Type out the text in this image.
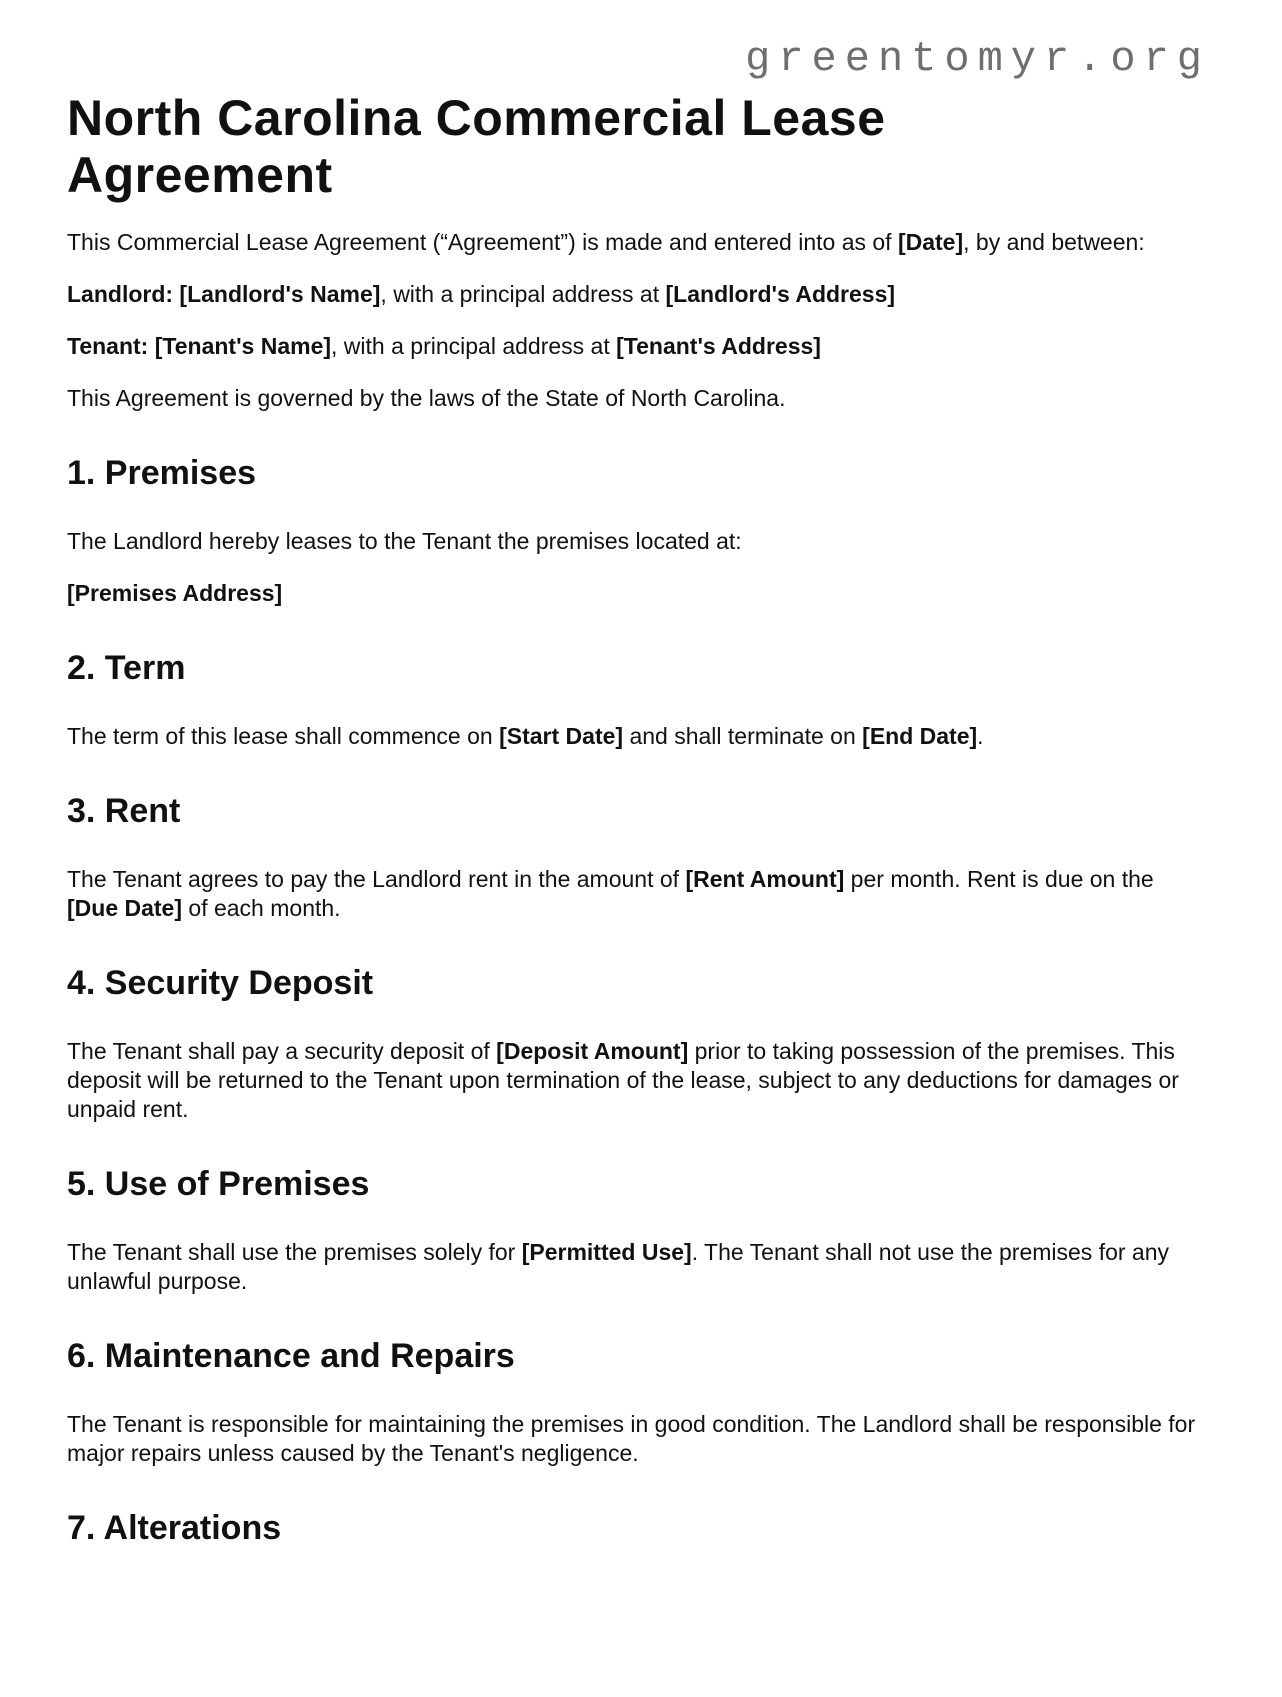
greentomyr.org
North Carolina Commercial Lease Agreement

This Commercial Lease Agreement (“Agreement”) is made and entered into as of [Date], by and between:

Landlord: [Landlord's Name], with a principal address at [Landlord's Address]

Tenant: [Tenant's Name], with a principal address at [Tenant's Address]

This Agreement is governed by the laws of the State of North Carolina.

1. Premises

The Landlord hereby leases to the Tenant the premises located at:

[Premises Address]

2. Term

The term of this lease shall commence on [Start Date] and shall terminate on [End Date].

3. Rent

The Tenant agrees to pay the Landlord rent in the amount of [Rent Amount] per month. Rent is due on the [Due Date] of each month.

4. Security Deposit

The Tenant shall pay a security deposit of [Deposit Amount] prior to taking possession of the premises. This deposit will be returned to the Tenant upon termination of the lease, subject to any deductions for damages or unpaid rent.

5. Use of Premises

The Tenant shall use the premises solely for [Permitted Use]. The Tenant shall not use the premises for any unlawful purpose.

6. Maintenance and Repairs

The Tenant is responsible for maintaining the premises in good condition. The Landlord shall be responsible for major repairs unless caused by the Tenant's negligence.

7. Alterations
